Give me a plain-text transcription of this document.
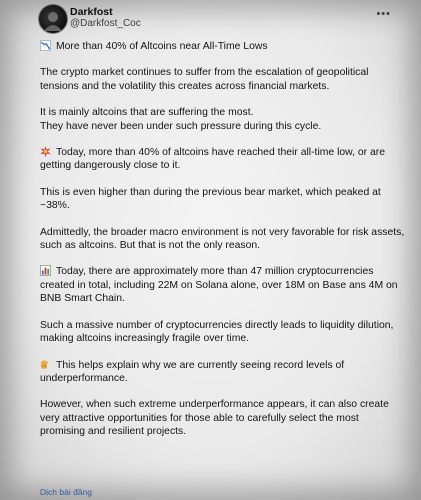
Darkfost
@Darkfost_Coc
•••

More than 40% of Altcoins near All-Time Lows

The crypto market continues to suffer from the escalation of geopolitical tensions and the volatility this creates across financial markets.

It is mainly altcoins that are suffering the most.
They have never been under such pressure during this cycle.

Today, more than 40% of altcoins have reached their all-time low, or are getting dangerously close to it.

This is even higher than during the previous bear market, which peaked at ~38%.

Admittedly, the broader macro environment is not very favorable for risk assets, such as altcoins. But that is not the only reason.

Today, there are approximately more than 47 million cryptocurrencies created in total, including 22M on Solana alone, over 18M on Base ans 4M on BNB Smart Chain.

Such a massive number of cryptocurrencies directly leads to liquidity dilution, making altcoins increasingly fragile over time.

This helps explain why we are currently seeing record levels of underperformance.

However, when such extreme underperformance appears, it can also create very attractive opportunities for those able to carefully select the most promising and resilient projects.

Dịch bài đăng
